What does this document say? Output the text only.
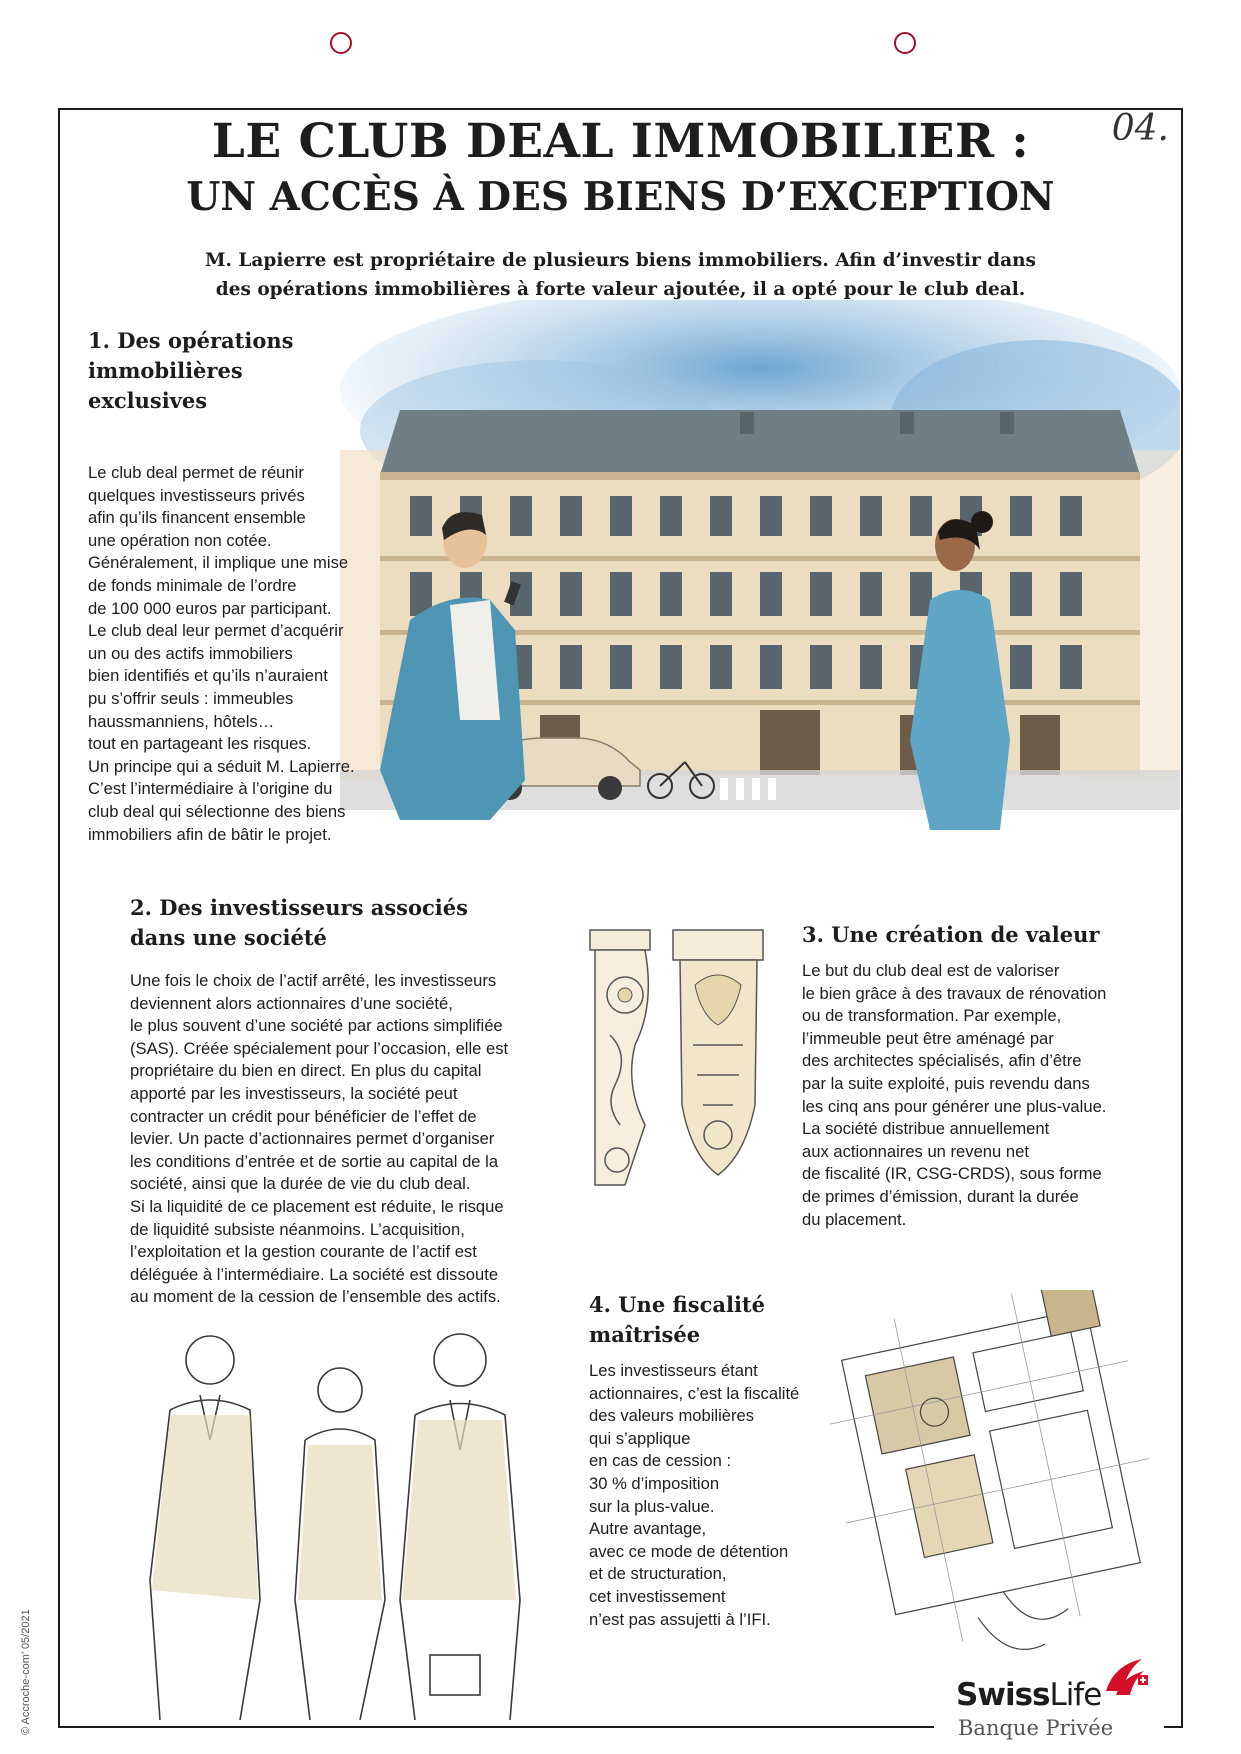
04.
LE CLUB DEAL IMMOBILIER :
UN ACCÈS À DES BIENS D’EXCEPTION
M. Lapierre est propriétaire de plusieurs biens immobiliers. Afin d’investir dans
des opérations immobilières à forte valeur ajoutée, il a opté pour le club deal.
1. Des opérations
immobilières
exclusives
Le club deal permet de réunir
quelques investisseurs privés
afin qu’ils financent ensemble
une opération non cotée.
Généralement, il implique une mise
de fonds minimale de l’ordre
de 100 000 euros par participant.
Le club deal leur permet d’acquérir
un ou des actifs immobiliers
bien identifiés et qu’ils n’auraient
pu s’offrir seuls : immeubles
haussmanniens, hôtels…
tout en partageant les risques.
Un principe qui a séduit M. Lapierre.
C’est l’intermédiaire à l’origine du
club deal qui sélectionne des biens
immobiliers afin de bâtir le projet.
2. Des investisseurs associés
dans une société
Une fois le choix de l’actif arrêté, les investisseurs
deviennent alors actionnaires d’une société,
le plus souvent d’une société par actions simplifiée
(SAS). Créée spécialement pour l’occasion, elle est
propriétaire du bien en direct. En plus du capital
apporté par les investisseurs, la société peut
contracter un crédit pour bénéficier de l’effet de
levier. Un pacte d’actionnaires permet d’organiser
les conditions d’entrée et de sortie au capital de la
société, ainsi que la durée de vie du club deal.
Si la liquidité de ce placement est réduite, le risque
de liquidité subsiste néanmoins. L’acquisition,
l’exploitation et la gestion courante de l’actif est
déléguée à l’intermédiaire. La société est dissoute
au moment de la cession de l’ensemble des actifs.
3. Une création de valeur
Le but du club deal est de valoriser
le bien grâce à des travaux de rénovation
ou de transformation. Par exemple,
l’immeuble peut être aménagé par
des architectes spécialisés, afin d’être
par la suite exploité, puis revendu dans
les cinq ans pour générer une plus-value.
La société distribue annuellement
aux actionnaires un revenu net
de fiscalité (IR, CSG-CRDS), sous forme
de primes d’émission, durant la durée
du placement.
4. Une fiscalité
maîtrisée
Les investisseurs étant
actionnaires, c’est la fiscalité
des valeurs mobilières
qui s’applique
en cas de cession :
30 % d’imposition
sur la plus-value.
Autre avantage,
avec ce mode de détention
et de structuration,
cet investissement
n’est pas assujetti à l’IFI.
© Accroche-com’ 05/2021	SwissLife
Banque Privée
